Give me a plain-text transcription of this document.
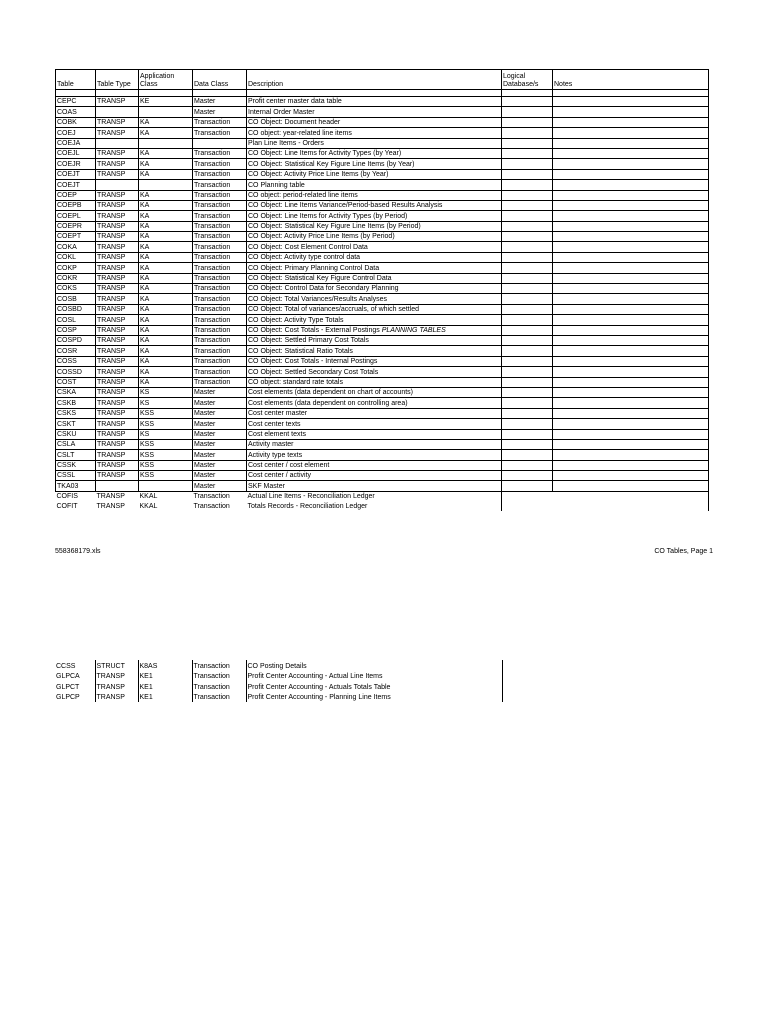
Table	Table Type	Application Class	Data Class	Description	Logical Database/s	Notes

CEPC	TRANSP	KE	Master	Profit center master data table		
COAS			Master	Internal Order Master		
COBK	TRANSP	KA	Transaction	CO Object: Document header		
COEJ	TRANSP	KA	Transaction	CO object: year-related line items		
COEJA				Plan Line Items - Orders		
COEJL	TRANSP	KA	Transaction	CO Object: Line Items for Activity Types (by Year)		
COEJR	TRANSP	KA	Transaction	CO Object: Statistical Key Figure Line Items (by Year)		
COEJT	TRANSP	KA	Transaction	CO Object: Activity Price Line Items (by Year)		
COEJT			Transaction	CO Planning table		
COEP	TRANSP	KA	Transaction	CO object: period-related line items		
COEPB	TRANSP	KA	Transaction	CO Object: Line Items Variance/Period-based Results Analysis		
COEPL	TRANSP	KA	Transaction	CO Object: Line Items for Activity Types (by Period)		
COEPR	TRANSP	KA	Transaction	CO Object: Statistical Key Figure Line Items (by Period)		
COEPT	TRANSP	KA	Transaction	CO Object: Activity Price Line Items (by Period)		
COKA	TRANSP	KA	Transaction	CO Object: Cost Element Control Data		
COKL	TRANSP	KA	Transaction	CO Object: Activity type control data		
COKP	TRANSP	KA	Transaction	CO Object: Primary Planning Control Data		
COKR	TRANSP	KA	Transaction	CO Object: Statistical Key Figure Control Data		
COKS	TRANSP	KA	Transaction	CO Object: Control Data for Secondary Planning		
COSB	TRANSP	KA	Transaction	CO Object: Total Variances/Results Analyses		
COSBD	TRANSP	KA	Transaction	CO Object: Total of variances/accruals, of which settled		
COSL	TRANSP	KA	Transaction	CO Object: Activity Type Totals		
COSP	TRANSP	KA	Transaction	CO Object: Cost Totals - External Postings PLANNING TABLES		
COSPD	TRANSP	KA	Transaction	CO Object: Settled Primary Cost Totals		
COSR	TRANSP	KA	Transaction	CO Object: Statistical Ratio Totals		
COSS	TRANSP	KA	Transaction	CO Object: Cost Totals - Internal Postings		
COSSD	TRANSP	KA	Transaction	CO Object: Settled Secondary Cost Totals		
COST	TRANSP	KA	Transaction	CO object: standard rate totals		
CSKA	TRANSP	KS	Master	Cost elements (data dependent on chart of accounts)		
CSKB	TRANSP	KS	Master	Cost elements (data dependent on controlling area)		
CSKS	TRANSP	KSS	Master	Cost center master		
CSKT	TRANSP	KSS	Master	Cost center texts		
CSKU	TRANSP	KS	Master	Cost element texts		
CSLA	TRANSP	KSS	Master	Activity master		
CSLT	TRANSP	KSS	Master	Activity type texts		
CSSK	TRANSP	KSS	Master	Cost center / cost element		
CSSL	TRANSP	KSS	Master	Cost center / activity		
TKA03			Master	SKF Master		
COFIS	TRANSP	KKAL	Transaction	Actual Line Items - Reconciliation Ledger		
COFIT	TRANSP	KKAL	Transaction	Totals Records - Reconciliation Ledger		
558368179.xls	CO Tables, Page 1
CCSS	STRUCT	K8AS	Transaction	CO Posting Details
GLPCA	TRANSP	KE1	Transaction	Profit Center Accounting - Actual Line Items
GLPCT	TRANSP	KE1	Transaction	Profit Center Accounting - Actuals Totals Table
GLPCP	TRANSP	KE1	Transaction	Profit Center Accounting - Planning Line Items
